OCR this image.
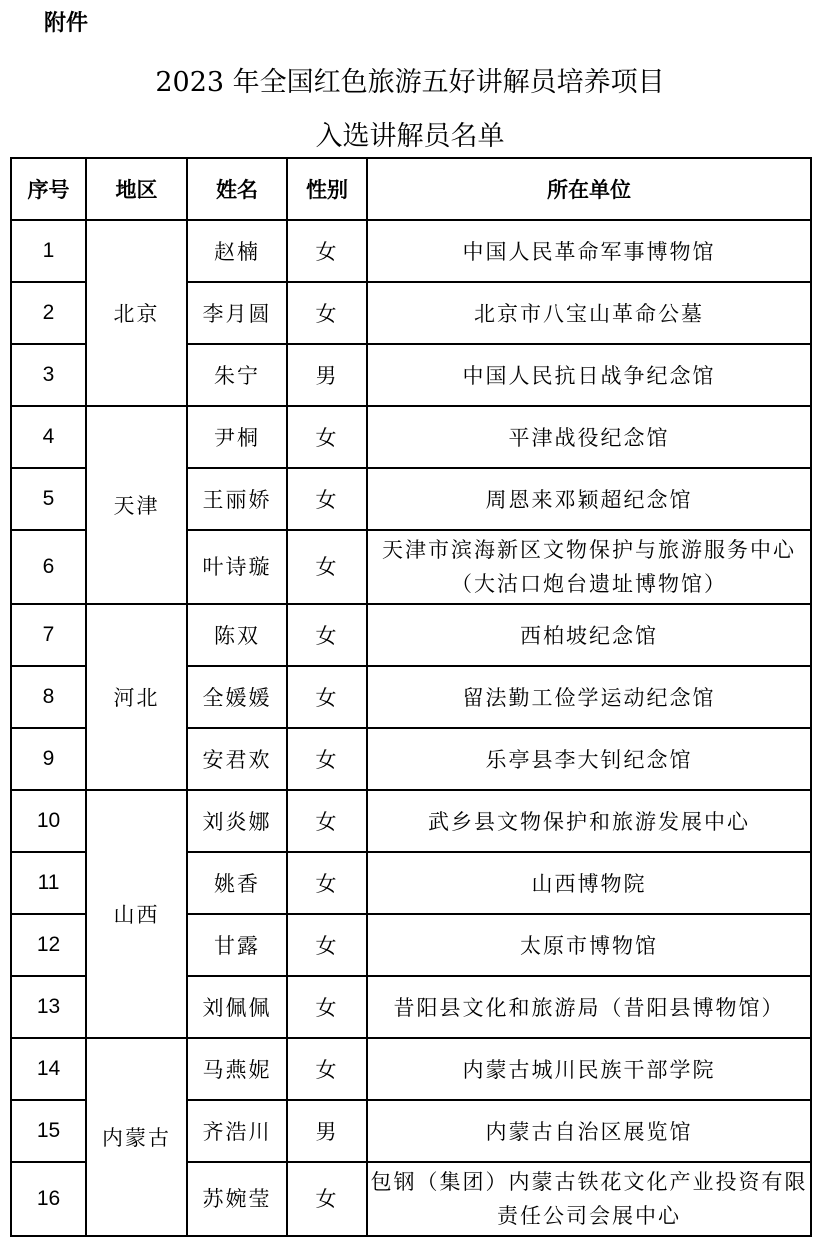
附件
2023 年全国红色旅游五好讲解员培养项目
入选讲解员名单
序号	地区	姓名	性别	所在单位
1	北京	赵楠	女	中国人民革命军事博物馆
2		李月圆	女	北京市八宝山革命公墓
3		朱宁	男	中国人民抗日战争纪念馆
4	天津	尹桐	女	平津战役纪念馆
5		王丽娇	女	周恩来邓颖超纪念馆
6		叶诗璇	女	天津市滨海新区文物保护与旅游服务中心 （大沽口炮台遗址博物馆）
7	河北	陈双	女	西柏坡纪念馆
8		全媛媛	女	留法勤工俭学运动纪念馆
9		安君欢	女	乐亭县李大钊纪念馆
10	山西	刘炎娜	女	武乡县文物保护和旅游发展中心
11		姚香	女	山西博物院
12		甘露	女	太原市博物馆
13		刘佩佩	女	昔阳县文化和旅游局（昔阳县博物馆）
14	内蒙古	马燕妮	女	内蒙古城川民族干部学院
15		齐浩川	男	内蒙古自治区展览馆
16		苏婉莹	女	包钢（集团）内蒙古铁花文化产业投资有限责任公司会展中心
